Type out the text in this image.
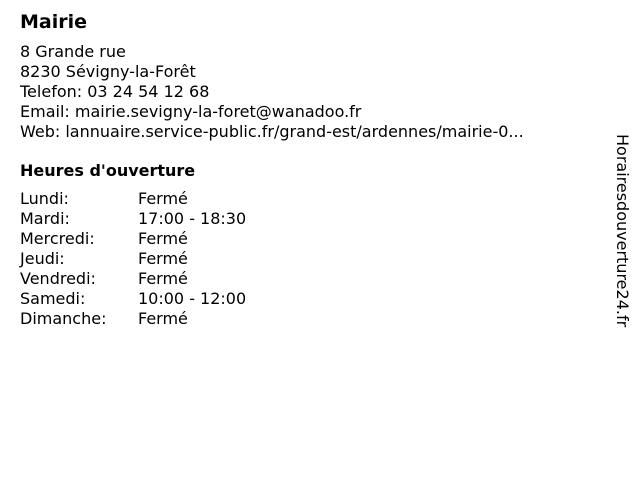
Mairie
8 Grande rue
8230 Sévigny-la-Forêt
Telefon: 03 24 54 12 68
Email: mairie.sevigny-la-foret@wanadoo.fr
Web: lannuaire.service-public.fr/grand-est/ardennes/mairie-0...
Heures d'ouverture
Lundi:	Fermé
Mardi:	17:00 - 18:30
Mercredi:	Fermé
Jeudi:	Fermé
Vendredi:	Fermé
Samedi:	10:00 - 12:00
Dimanche:	Fermé	Horairesdouverture24.fr
